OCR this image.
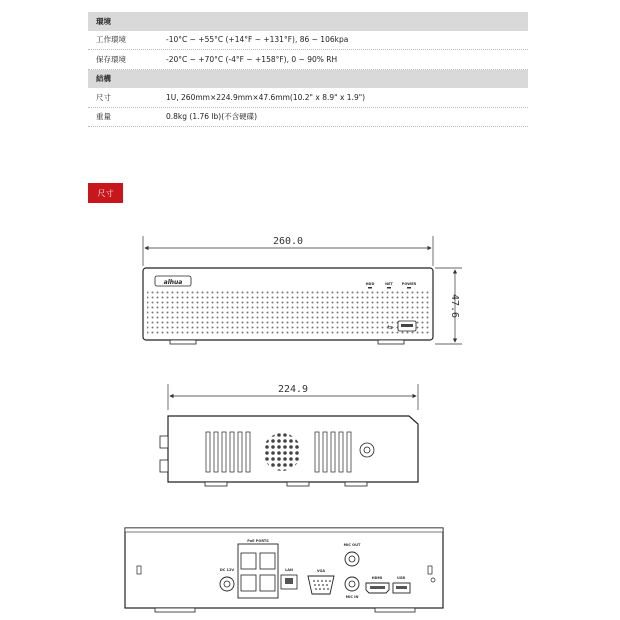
環境
工作環境	-10°C ~ +55°C (+14°F ~ +131°F), 86 ~ 106kpa
保存環境	-20°C ~ +70°C (-4°F ~ +158°F), 0 ~ 90% RH
結構
尺寸	1U, 260mm×224.9mm×47.6mm(10.2" x 8.9" x 1.9")
重量	0.8kg (1.76 lb)(不含硬碟)
尺寸
260.0
alhua	HDD	NET	POWER
⇆
47.6
224.9
DC 12V
PoE PORTS
LAN	VGA
MIC OUT
MIC IN
HDMI	USB
